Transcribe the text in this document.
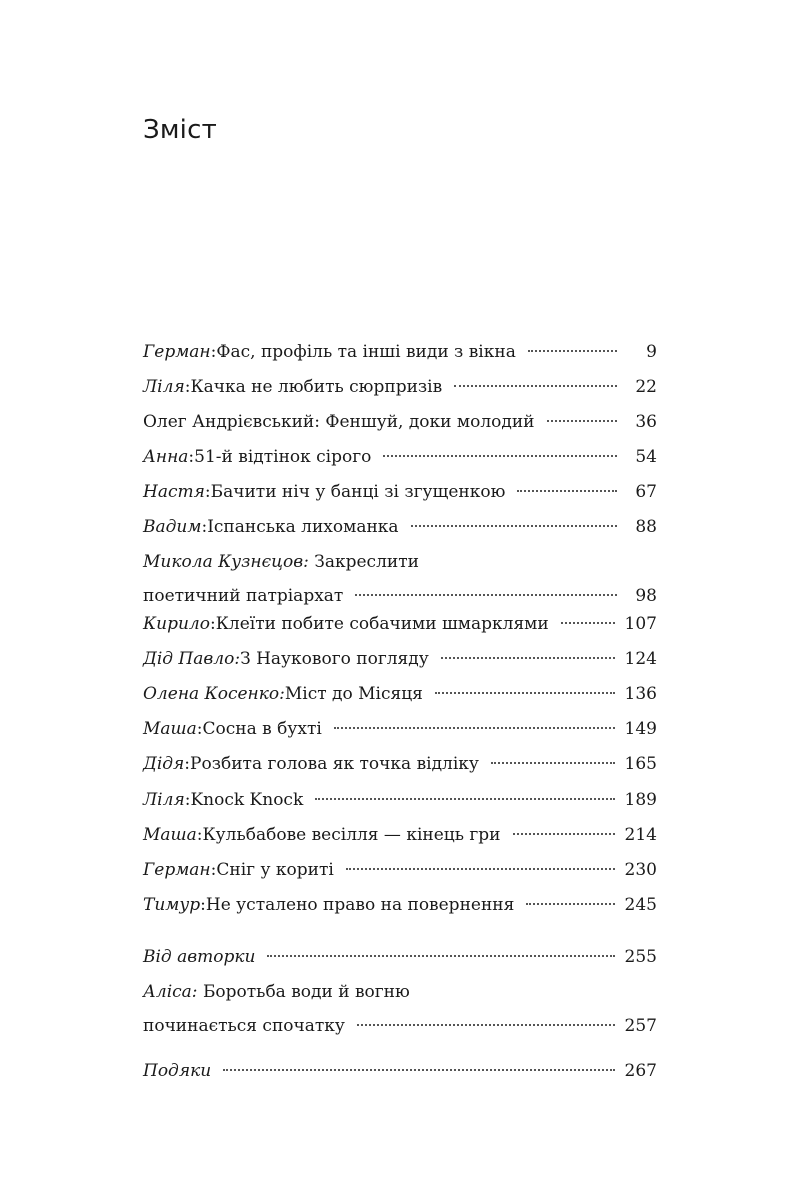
Зміст
Герман : Фас, профіль та інші види з вікна	9
Ліля : Качка не любить сюрпризів	22
Олег Андрієвський: Феншуй, доки молодий	36
Анна : 51-й відтінок сірого	54
Настя : Бачити ніч у банці зі згущенкою	67
Вадим : Іспанська лихоманка	88
Микола Кузнєцов: Закреслити
поетичний патріархат	98
Кирило : Клеїти побите собачими шмарклями	107
Дід Павло: З Наукового погляду	124
Олена Косенко: Міст до Місяця	136
Маша : Сосна в бухті	149
Дідя : Розбита голова як точка відліку	165
Ліля : Knock Knock	189
Маша : Кульбабове весілля — кінець гри	214
Герман : Сніг у кориті	230
Тимур : Не усталено право на повернення	245
Від авторки	255
Аліса: Боротьба води й вогню
починається спочатку	257
Подяки	267
